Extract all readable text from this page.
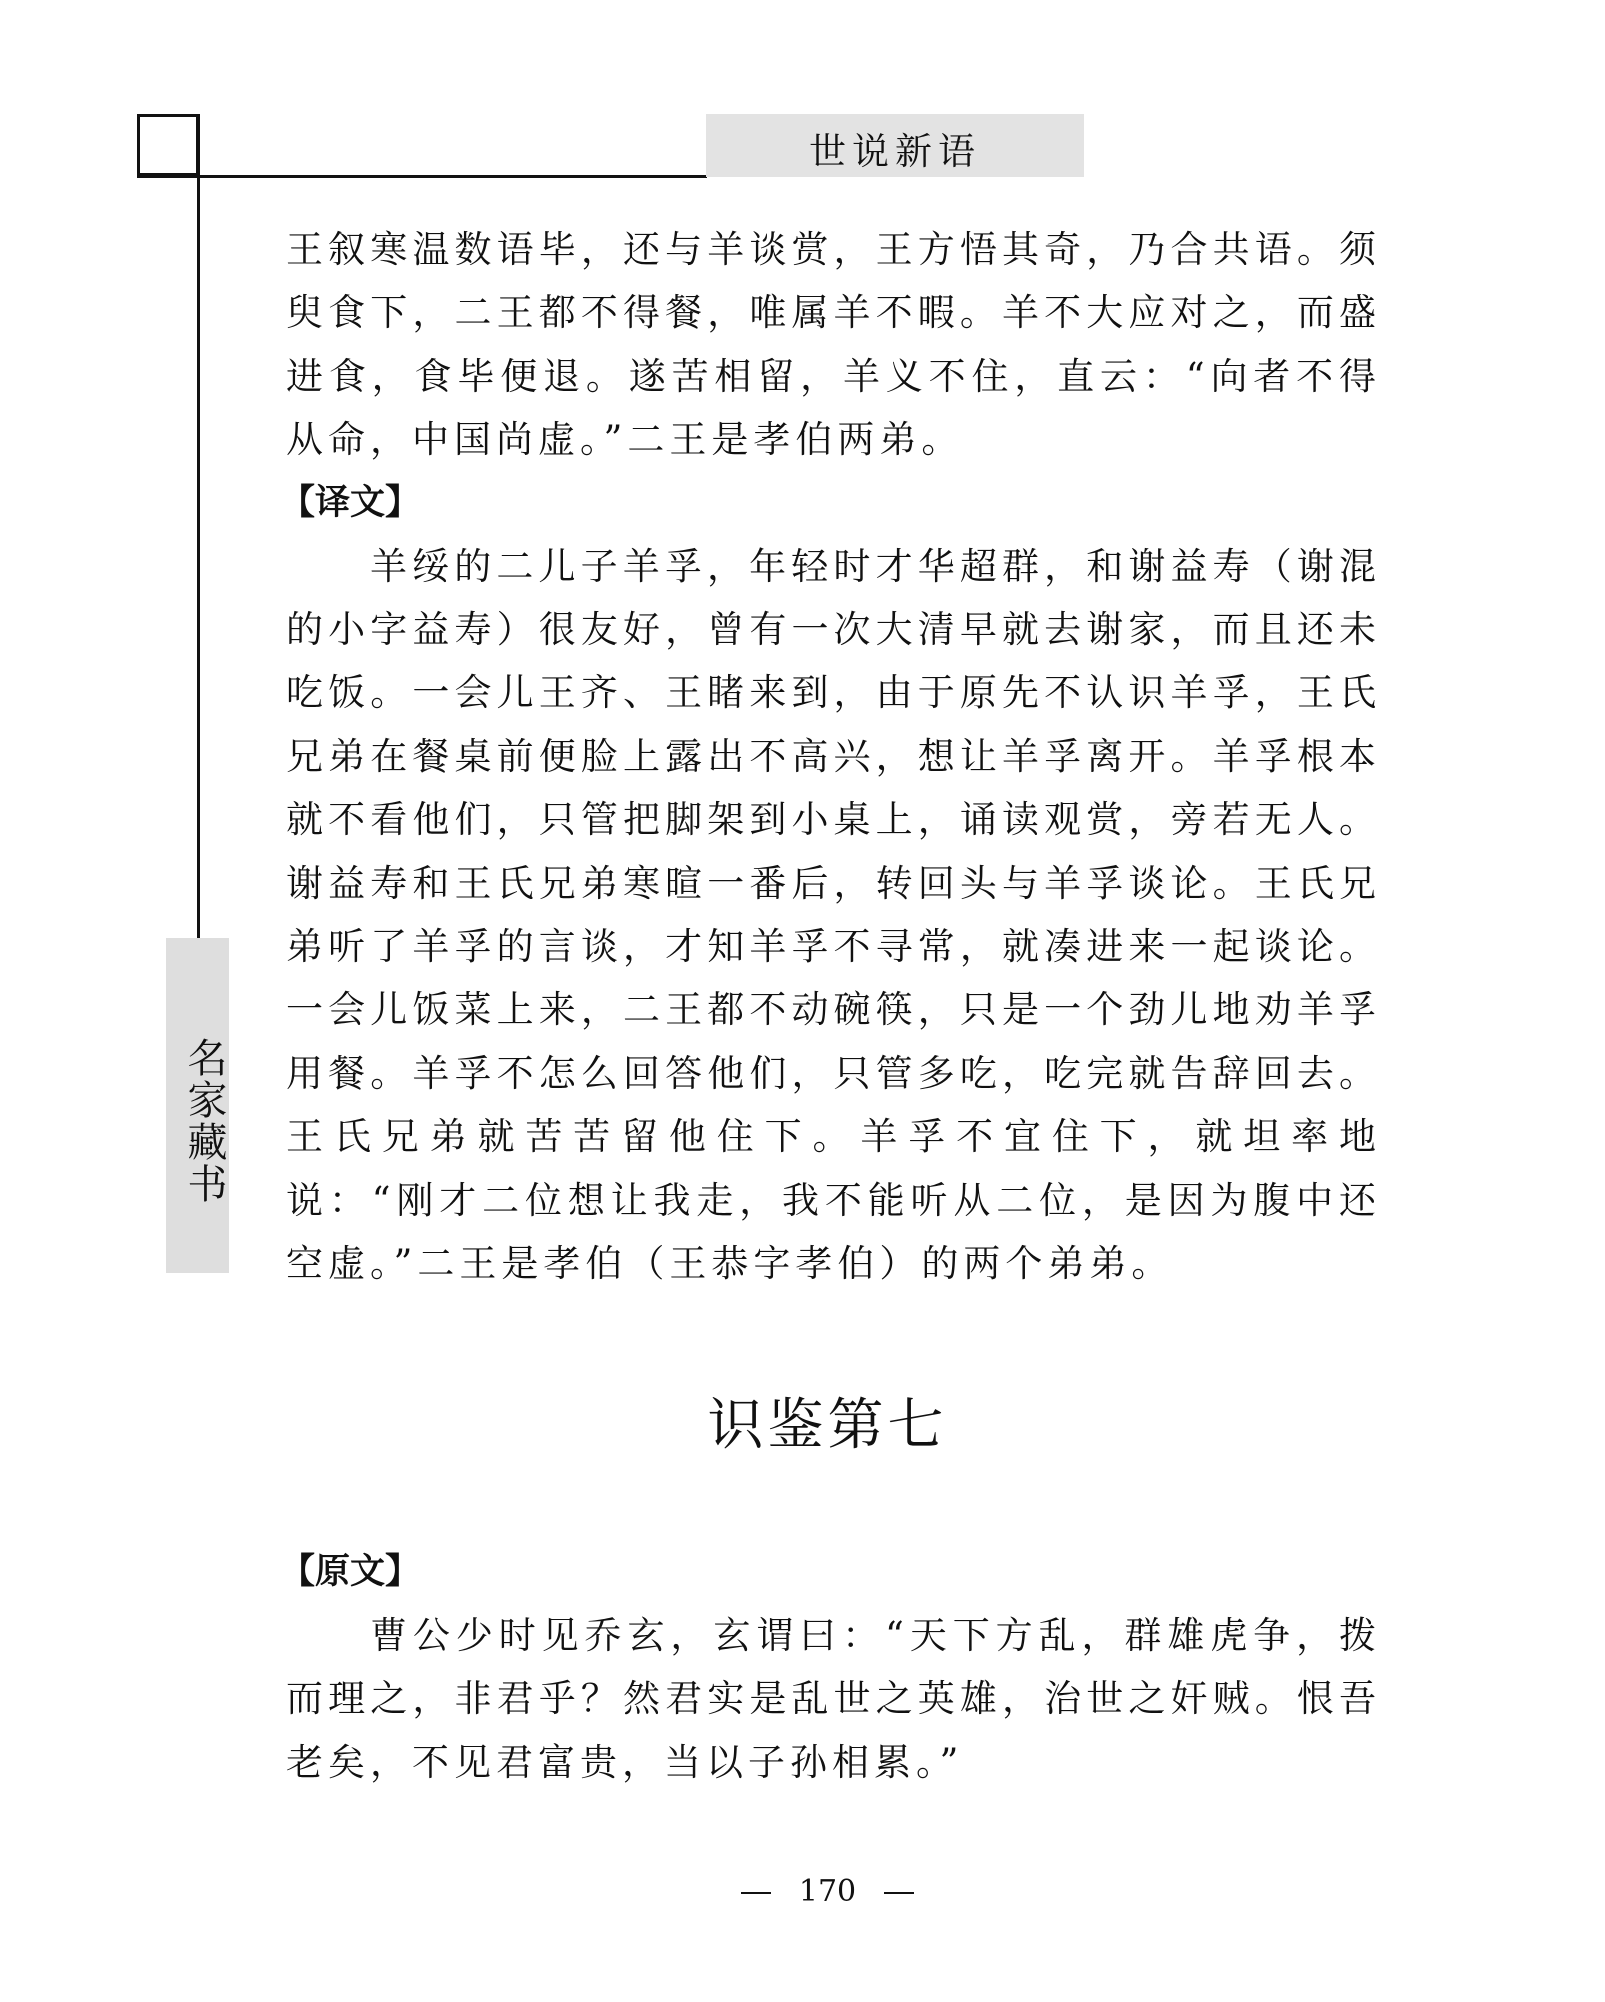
世说新语
名家藏书

王叙寒温数语毕，还与羊谈赏，王方悟其奇，乃合共语。须臾食下，二王都不得餐，唯属羊不暇。羊不大应对之，而盛进食，食毕便退。遂苦相留，羊义不住，直云：“向者不得从命，中国尚虚。”二王是孝伯两弟。

【译文】

羊绥的二儿子羊孚，年轻时才华超群，和谢益寿（谢混的小字益寿）很友好，曾有一次大清早就去谢家，而且还未吃饭。一会儿王齐、王睹来到，由于原先不认识羊孚，王氏兄弟在餐桌前便脸上露出不高兴，想让羊孚离开。羊孚根本就不看他们，只管把脚架到小桌上，诵读观赏，旁若无人。谢益寿和王氏兄弟寒暄一番后，转回头与羊孚谈论。王氏兄弟听了羊孚的言谈，才知羊孚不寻常，就凑进来一起谈论。一会儿饭菜上来，二王都不动碗筷，只是一个劲儿地劝羊孚用餐。羊孚不怎么回答他们，只管多吃，吃完就告辞回去。王氏兄弟就苦苦留他住下。羊孚不宜住下，就坦率地说：“刚才二位想让我走，我不能听从二位，是因为腹中还空虚。”二王是孝伯（王恭字孝伯）的两个弟弟。

识鉴第七

【原文】

曹公少时见乔玄，玄谓曰：“天下方乱，群雄虎争，拨而理之，非君乎？然君实是乱世之英雄，治世之奸贼。恨吾老矣，不见君富贵，当以子孙相累。”

170
